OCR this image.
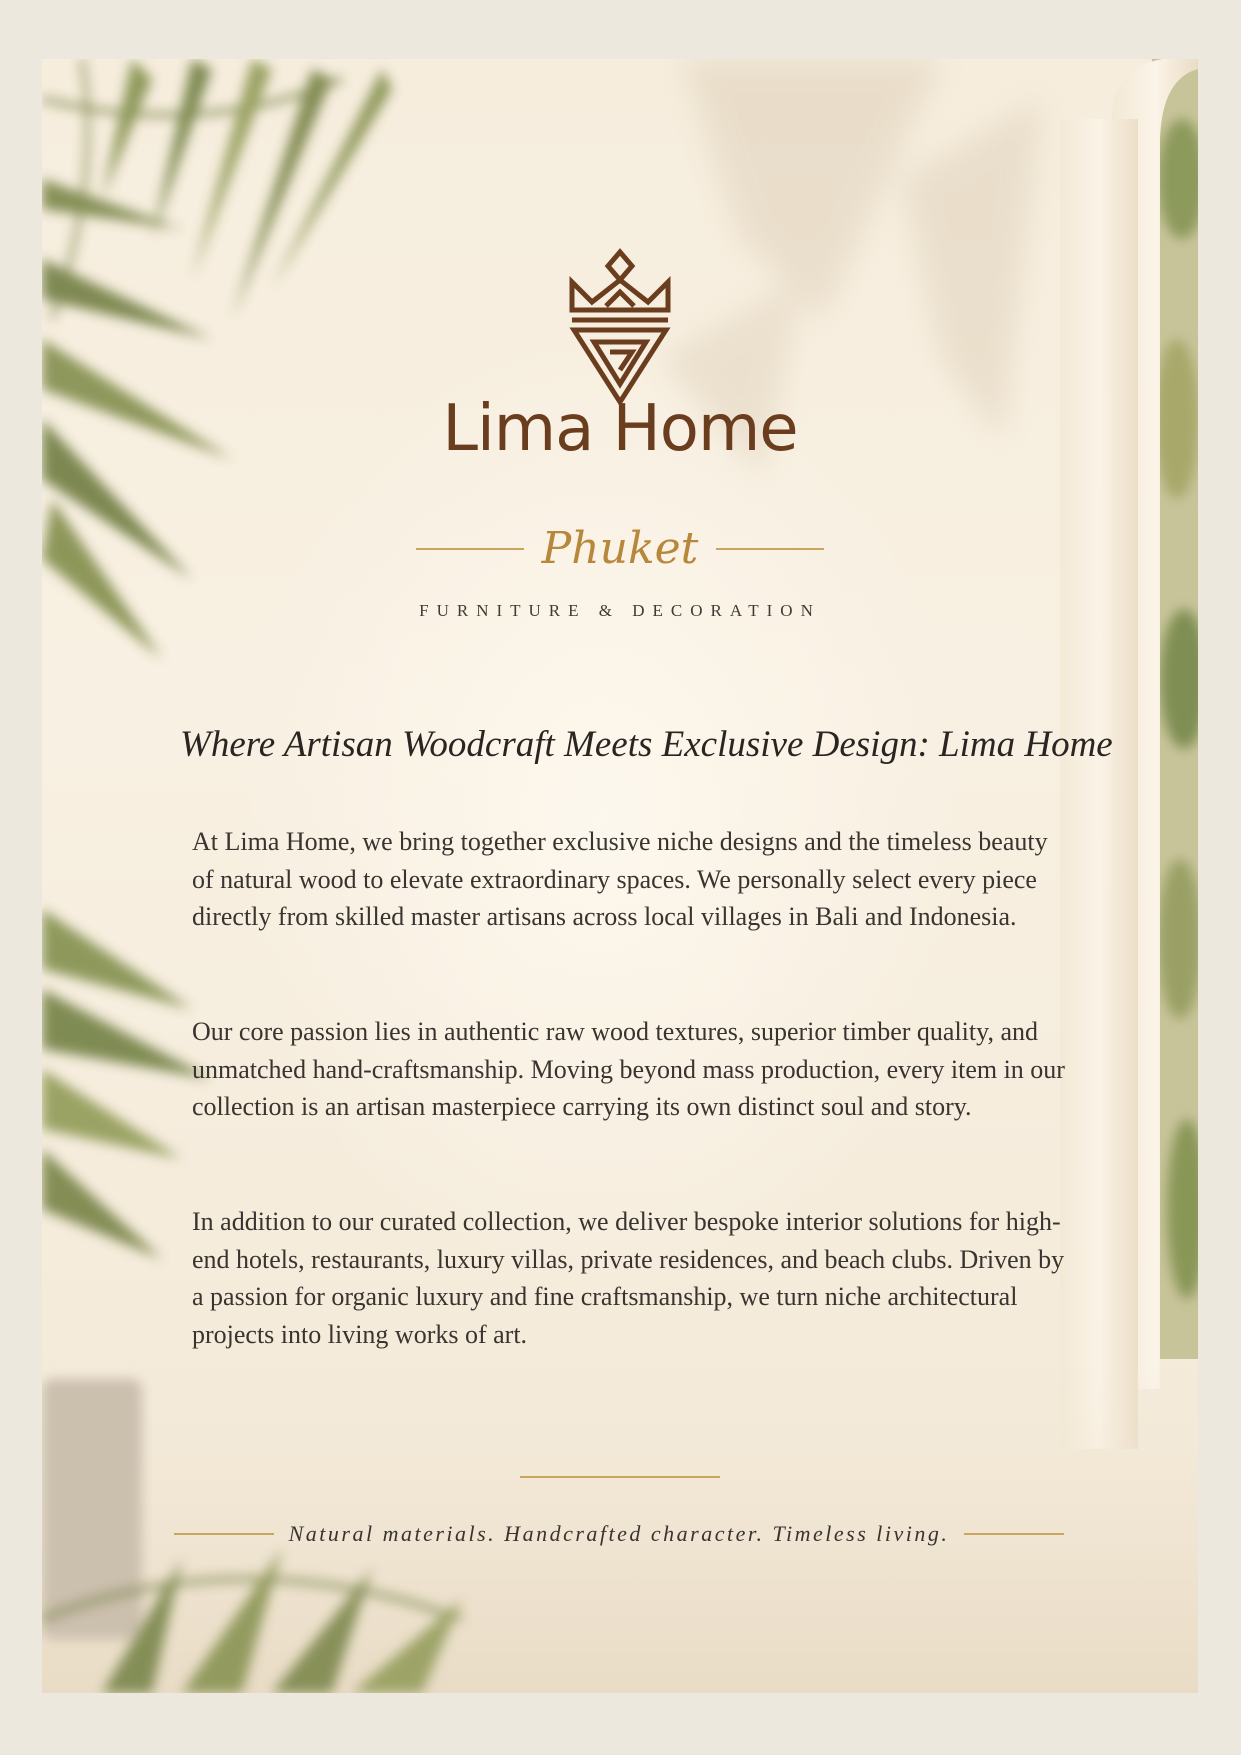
Lima Home
Phuket
FURNITURE & DECORATION
Where Artisan Woodcraft Meets Exclusive Design: Lima Home
At Lima Home, we bring together exclusive niche designs and the timeless beauty of natural wood to elevate extraordinary spaces. We personally select every piece directly from skilled master artisans across local villages in Bali and Indonesia.
Our core passion lies in authentic raw wood textures, superior timber quality, and unmatched hand-craftsmanship. Moving beyond mass production, every item in our collection is an artisan masterpiece carrying its own distinct soul and story.
In addition to our curated collection, we deliver bespoke interior solutions for high-end hotels, restaurants, luxury villas, private residences, and beach clubs. Driven by a passion for organic luxury and fine craftsmanship, we turn niche architectural projects into living works of art.
Natural materials. Handcrafted character. Timeless living.
